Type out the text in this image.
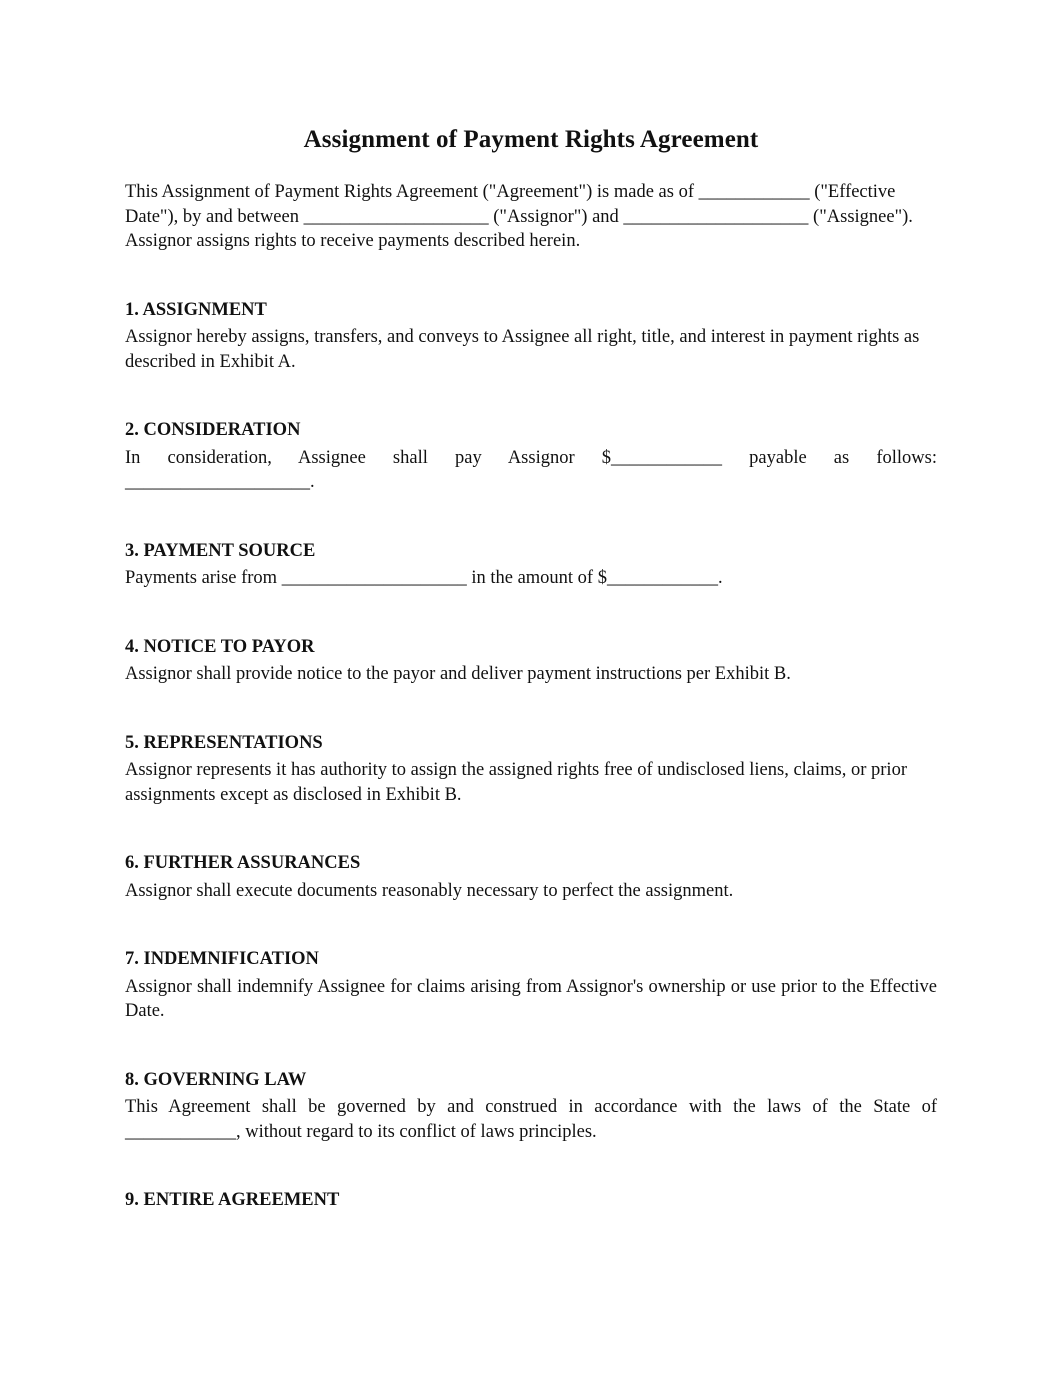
Assignment of Payment Rights Agreement

This Assignment of Payment Rights Agreement ("Agreement") is made as of ____________ ("Effective Date"), by and between ____________________ ("Assignor") and ____________________ ("Assignee"). Assignor assigns rights to receive payments described herein.

1. ASSIGNMENT

Assignor hereby assigns, transfers, and conveys to Assignee all right, title, and interest in payment rights as described in Exhibit A.

2. CONSIDERATION
In consideration, Assignee shall pay Assignor $____________ payable as follows:
____________________.
3. PAYMENT SOURCE

Payments arise from ____________________ in the amount of $____________.

4. NOTICE TO PAYOR

Assignor shall provide notice to the payor and deliver payment instructions per Exhibit B.

5. REPRESENTATIONS

Assignor represents it has authority to assign the assigned rights free of undisclosed liens, claims, or prior assignments except as disclosed in Exhibit B.

6. FURTHER ASSURANCES

Assignor shall execute documents reasonably necessary to perfect the assignment.

7. INDEMNIFICATION

Assignor shall indemnify Assignee for claims arising from Assignor's ownership or use prior to the Effective Date.

8. GOVERNING LAW

This Agreement shall be governed by and construed in accordance with the laws of the State of ____________, without regard to its conflict of laws principles.

9. ENTIRE AGREEMENT
